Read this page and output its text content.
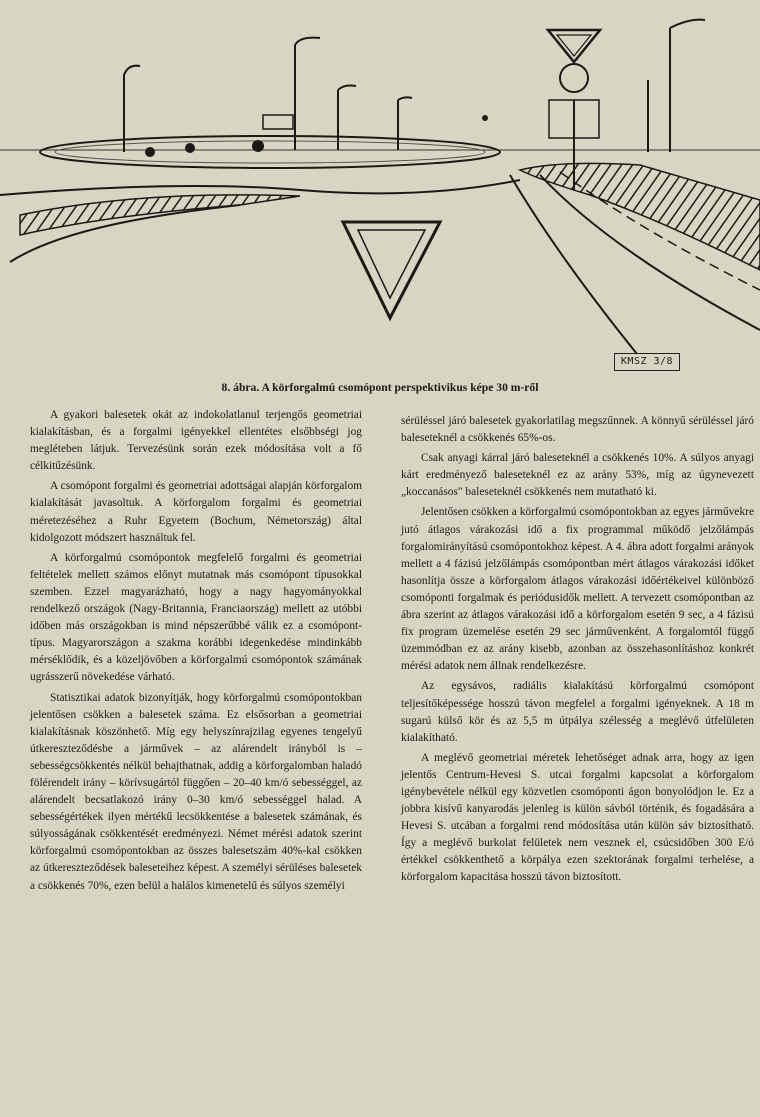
KMSZ 3/8
8. ábra. A körforgalmú csomópont perspektivikus képe 30 m-ről

A gyakori balesetek okát az indokolatlanul terjengős geometriai kialakításban, és a forgalmi igényekkel ellentétes elsőbbségi jog megléteben látjuk. Tervezésünk során ezek módosítása volt a fő célkitűzésünk.

A csomópont forgalmi és geometriai adottságai alapján körforgalom kialakítását javasoltuk. A körforgalom forgalmi és geometriai méretezéséhez a Ruhr Egyetem (Bochum, Németország) által kidolgozott módszert használtuk fel.

A körforgalmú csomópontok megfelelő forgalmi és geometriai feltételek mellett számos előnyt mutatnak más csomópont típusokkal szemben. Ezzel magyarázható, hogy a nagy hagyományokkal rendelkező országok (Nagy-Britannia, Franciaország) mellett az utóbbi időben más országokban is mind népszerűbbé válik ez a csomópont-típus. Magyarországon a szakma korábbi idegenkedése mindinkább mérséklődik, és a közeljövőben a körforgalmú csomópontok számának ugrásszerű növekedése várható.

Statisztikai adatok bizonyítják, hogy körforgalmú csomópontokban jelentősen csökken a balesetek száma. Ez elsősorban a geometriai kialakításnak köszönhető. Míg egy helyszínrajzilag egyenes tengelyű útkereszteződésbe a járművek – az alárendelt irányból is – sebességcsökkentés nélkül behajthatnak, addig a körforgalomban haladó fölérendelt irány – körívsugártól függően – 20–40 km/ó sebességgel, az alárendelt becsatlakozó irány 0–30 km/ó sebességgel halad. A sebességértékek ilyen mértékű lecsökkentése a balesetek számának, és súlyosságának csökkentését eredményezi. Német mérési adatok szerint körforgalmú csomópontokban az összes balesetszám 40%-kal csökken az útkereszteződések baleseteihez képest. A személyi sérüléses balesetek a csökkenés 70%, ezen belül a halálos kimenetelű és súlyos személyi

sérüléssel járó balesetek gyakorlatilag megszűnnek. A könnyű sérüléssel járó baleseteknél a csökkenés 65%-os.

Csak anyagi kárral járó baleseteknél a csökkenés 10%. A súlyos anyagi kárt eredményező baleseteknél ez az arány 53%, míg az úgynevezett „koccanásos" baleseteknél csökkenés nem mutatható ki.

Jelentősen csökken a körforgalmú csomópontokban az egyes járművekre jutó átlagos várakozási idő a fix programmal működő jelzőlámpás forgalomirányítású csomópontokhoz képest. A 4. ábra adott forgalmi arányok mellett a 4 fázisú jelzőlámpás csomópontban mért átlagos várakozási időket hasonlítja össze a körforgalom átlagos várakozási időértékeivel különböző csomóponti forgalmak és periódusidők mellett. A tervezett csomópontban az ábra szerint az átlagos várakozási idő a körforgalom esetén 9 sec, a 4 fázisú fix program üzemelése esetén 29 sec járművenként. A forgalomtól függő üzemmódban ez az arány kisebb, azonban az összehasonlításhoz konkrét mérési adatok nem állnak rendelkezésre.

Az egysávos, radiális kialakítású körforgalmú csomópont teljesítőképessége hosszú távon megfelel a forgalmi igényeknek. A 18 m sugarú külső kör és az 5,5 m útpálya szélesség a meglévő útfelületen kialakítható.

A meglévő geometriai méretek lehetőséget adnak arra, hogy az igen jelentős Centrum-Hevesi S. utcai forgalmi kapcsolat a körforgalom igénybevétele nélkül egy közvetlen csomóponti ágon bonyolódjon le. Ez a jobbra kisívű kanyarodás jelenleg is külön sávból történik, és fogadására a Hevesi S. utcában a forgalmi rend módosítása után külön sáv biztosítható. Így a meglévő burkolat felületek nem vesznek el, csúcsidőben 300 E/ó értékkel csökkenthető a körpálya ezen szektorának forgalmi terhelése, a körforgalom kapacitása hosszú távon biztosított.
